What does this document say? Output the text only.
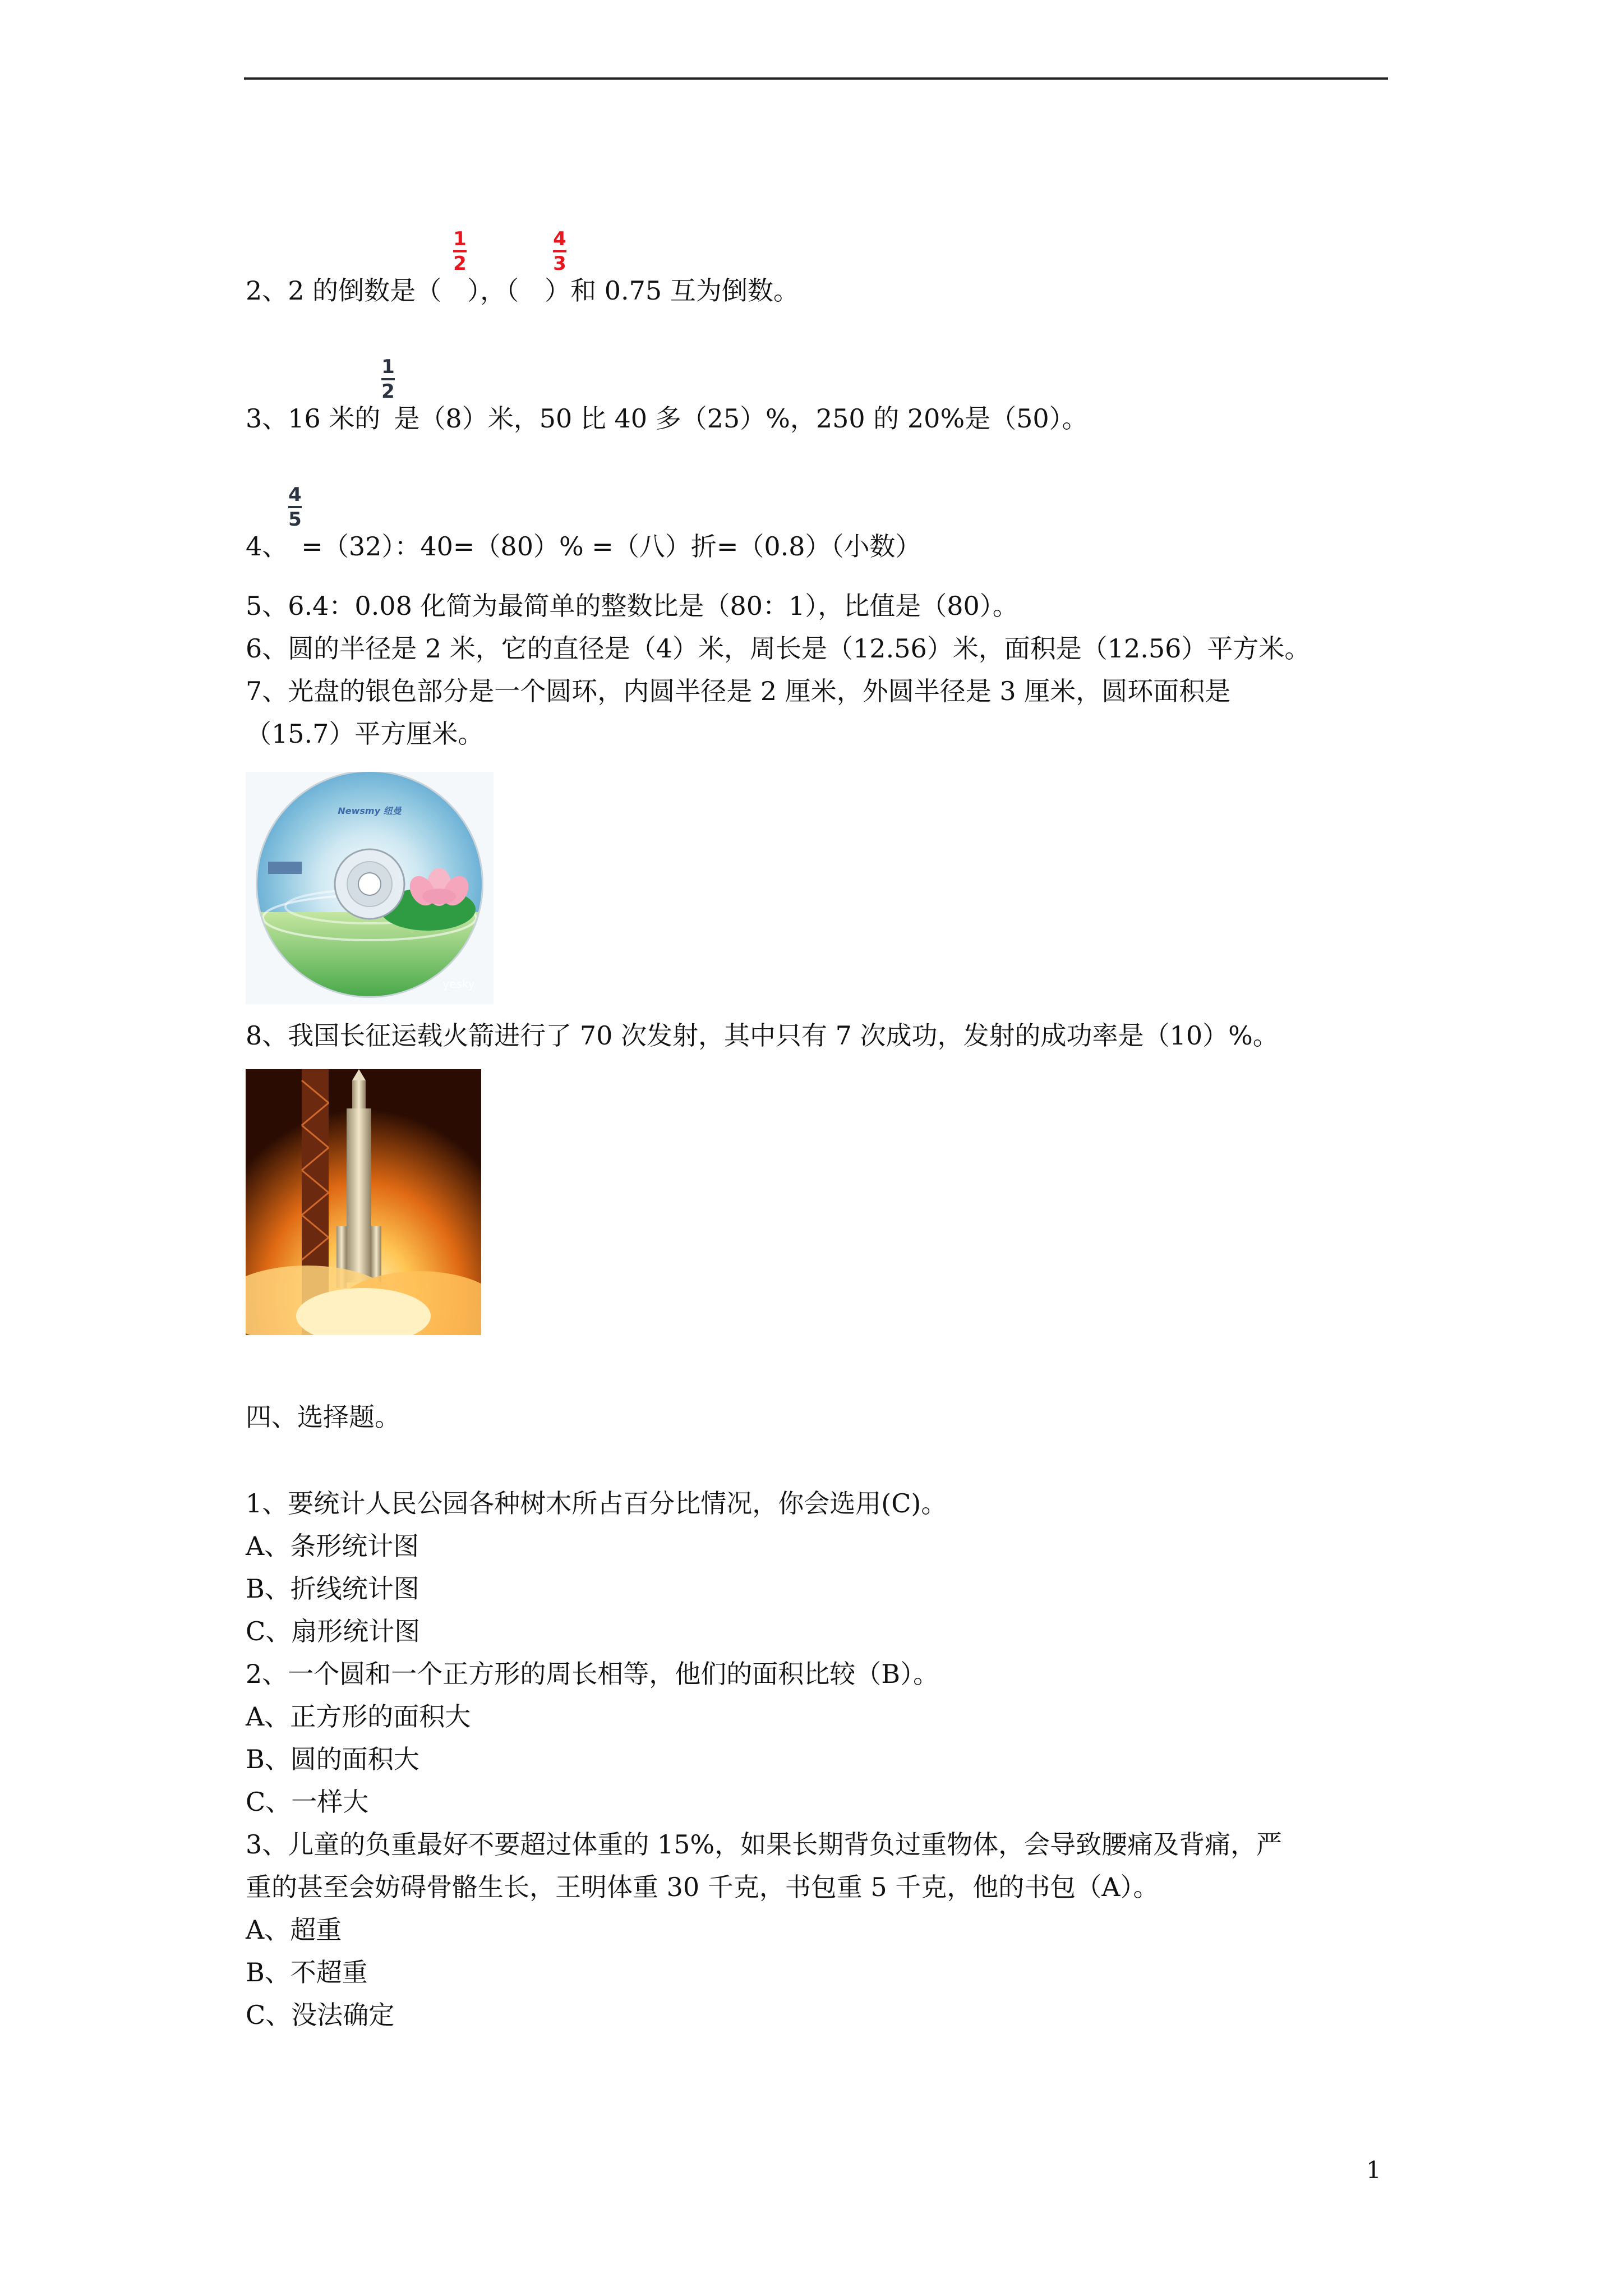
1
2
4
3
2、2 的倒数是（ ），（ ）和 0.75 互为倒数。
1
2
3、16 米的 是（8）米，50 比 40 多（25）%，250 的 20%是（50）。
4
5
4、 =（32）：40=（80）% =（八）折=（0.8）（小数）
5、6.4：0.08 化简为最简单的整数比是（80：1），比值是（80）。
6、圆的半径是 2 米，它的直径是（4）米，周长是（12.56）米，面积是（12.56）平方米。
7、光盘的银色部分是一个圆环，内圆半径是 2 厘米，外圆半径是 3 厘米，圆环面积是
（15.7）平方厘米。
Newsmy 纽曼
yesky
8、我国长征运载火箭进行了 70 次发射，其中只有 7 次成功，发射的成功率是（10）%。
四、选择题。
1、要统计人民公园各种树木所占百分比情况，你会选用(C)。
A、条形统计图
B、折线统计图
C、扇形统计图
2、一个圆和一个正方形的周长相等，他们的面积比较（B）。
A、正方形的面积大
B、圆的面积大
C、一样大
3、儿童的负重最好不要超过体重的 15%，如果长期背负过重物体，会导致腰痛及背痛，严
重的甚至会妨碍骨骼生长，王明体重 30 千克，书包重 5 千克，他的书包（A）。
A、超重
B、不超重
C、没法确定
1
